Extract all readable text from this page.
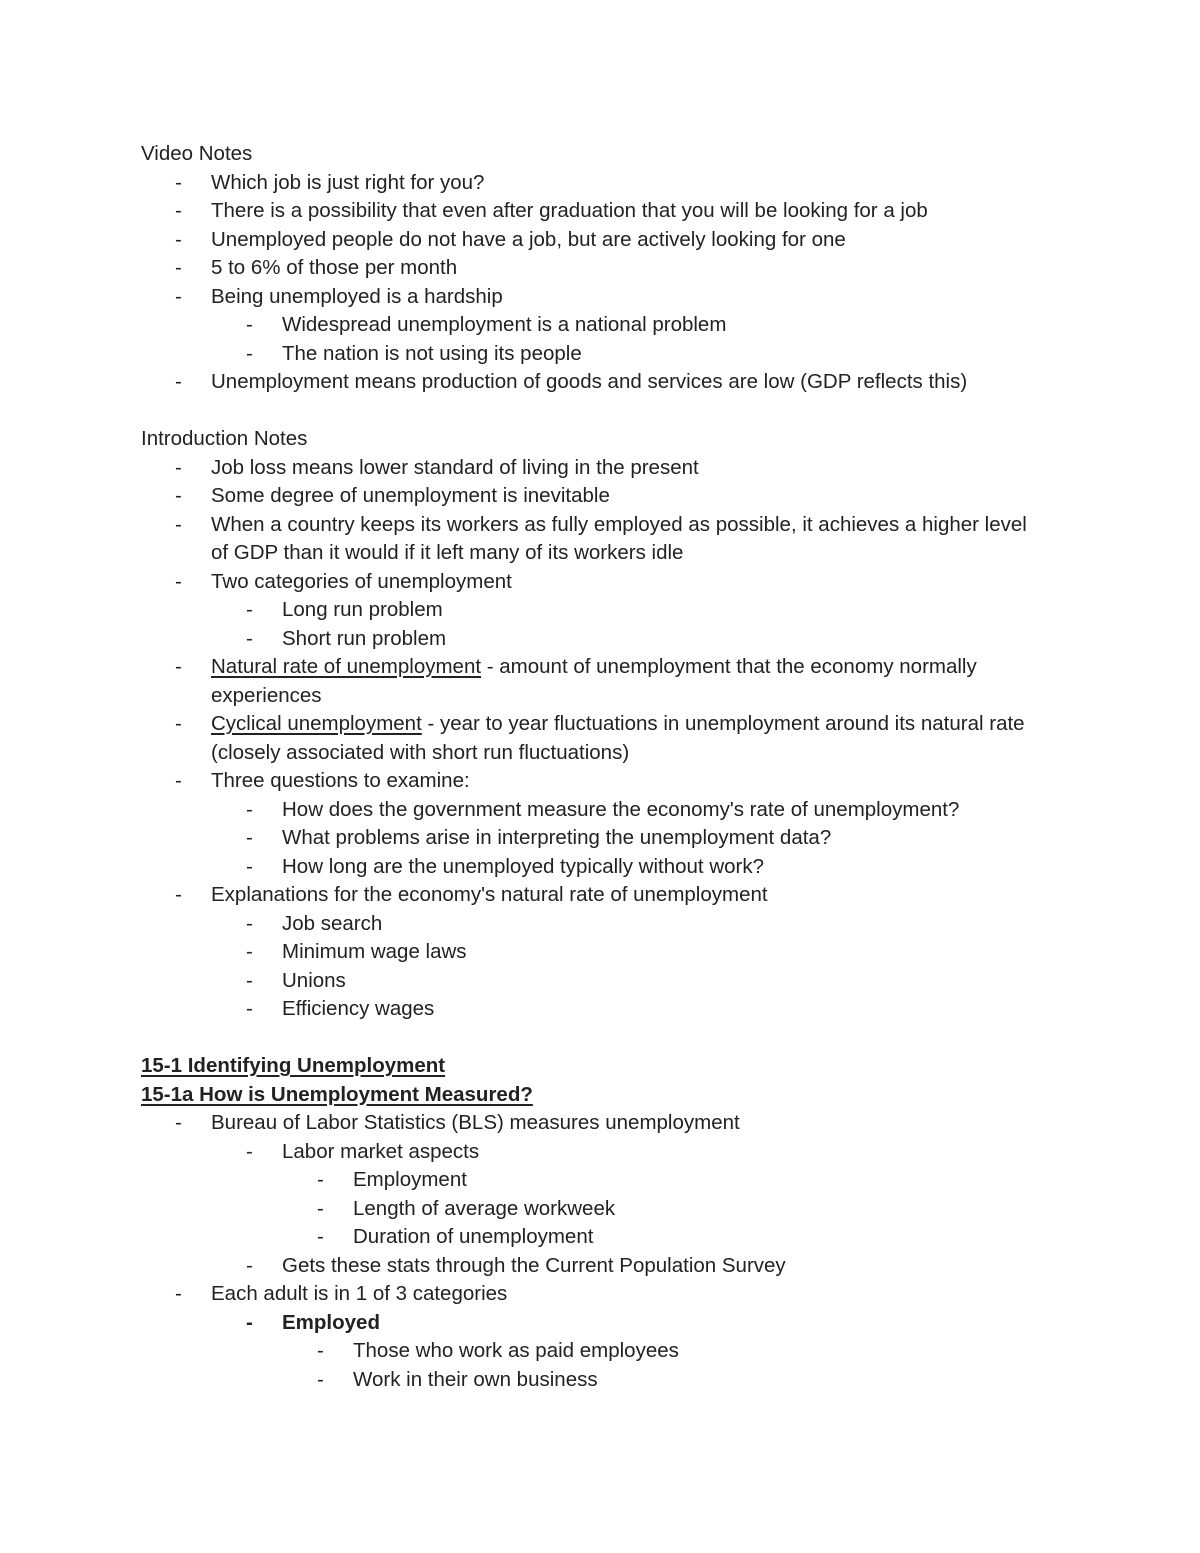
Video Notes
-	Which job is just right for you?
-	There is a possibility that even after graduation that you will be looking for a job
-	Unemployed people do not have a job, but are actively looking for one
-	5 to 6% of those per month
-	Being unemployed is a hardship
-	Widespread unemployment is a national problem
-	The nation is not using its people
-	Unemployment means production of goods and services are low (GDP reflects this)
Introduction Notes
-	Job loss means lower standard of living in the present
-	Some degree of unemployment is inevitable
-	When a country keeps its workers as fully employed as possible, it achieves a higher level of GDP than it would if it left many of its workers idle
-	Two categories of unemployment
-	Long run problem
-	Short run problem
-	Natural rate of unemployment - amount of unemployment that the economy normally experiences
-	Cyclical unemployment - year to year fluctuations in unemployment around its natural rate (closely associated with short run fluctuations)
-	Three questions to examine:
-	How does the government measure the economy's rate of unemployment?
-	What problems arise in interpreting the unemployment data?
-	How long are the unemployed typically without work?
-	Explanations for the economy's natural rate of unemployment
-	Job search
-	Minimum wage laws
-	Unions
-	Efficiency wages
15-1 Identifying Unemployment
15-1a How is Unemployment Measured?
-	Bureau of Labor Statistics (BLS) measures unemployment
-	Labor market aspects
-	Employment
-	Length of average workweek
-	Duration of unemployment
-	Gets these stats through the Current Population Survey
-	Each adult is in 1 of 3 categories
-	Employed
-	Those who work as paid employees
-	Work in their own business
